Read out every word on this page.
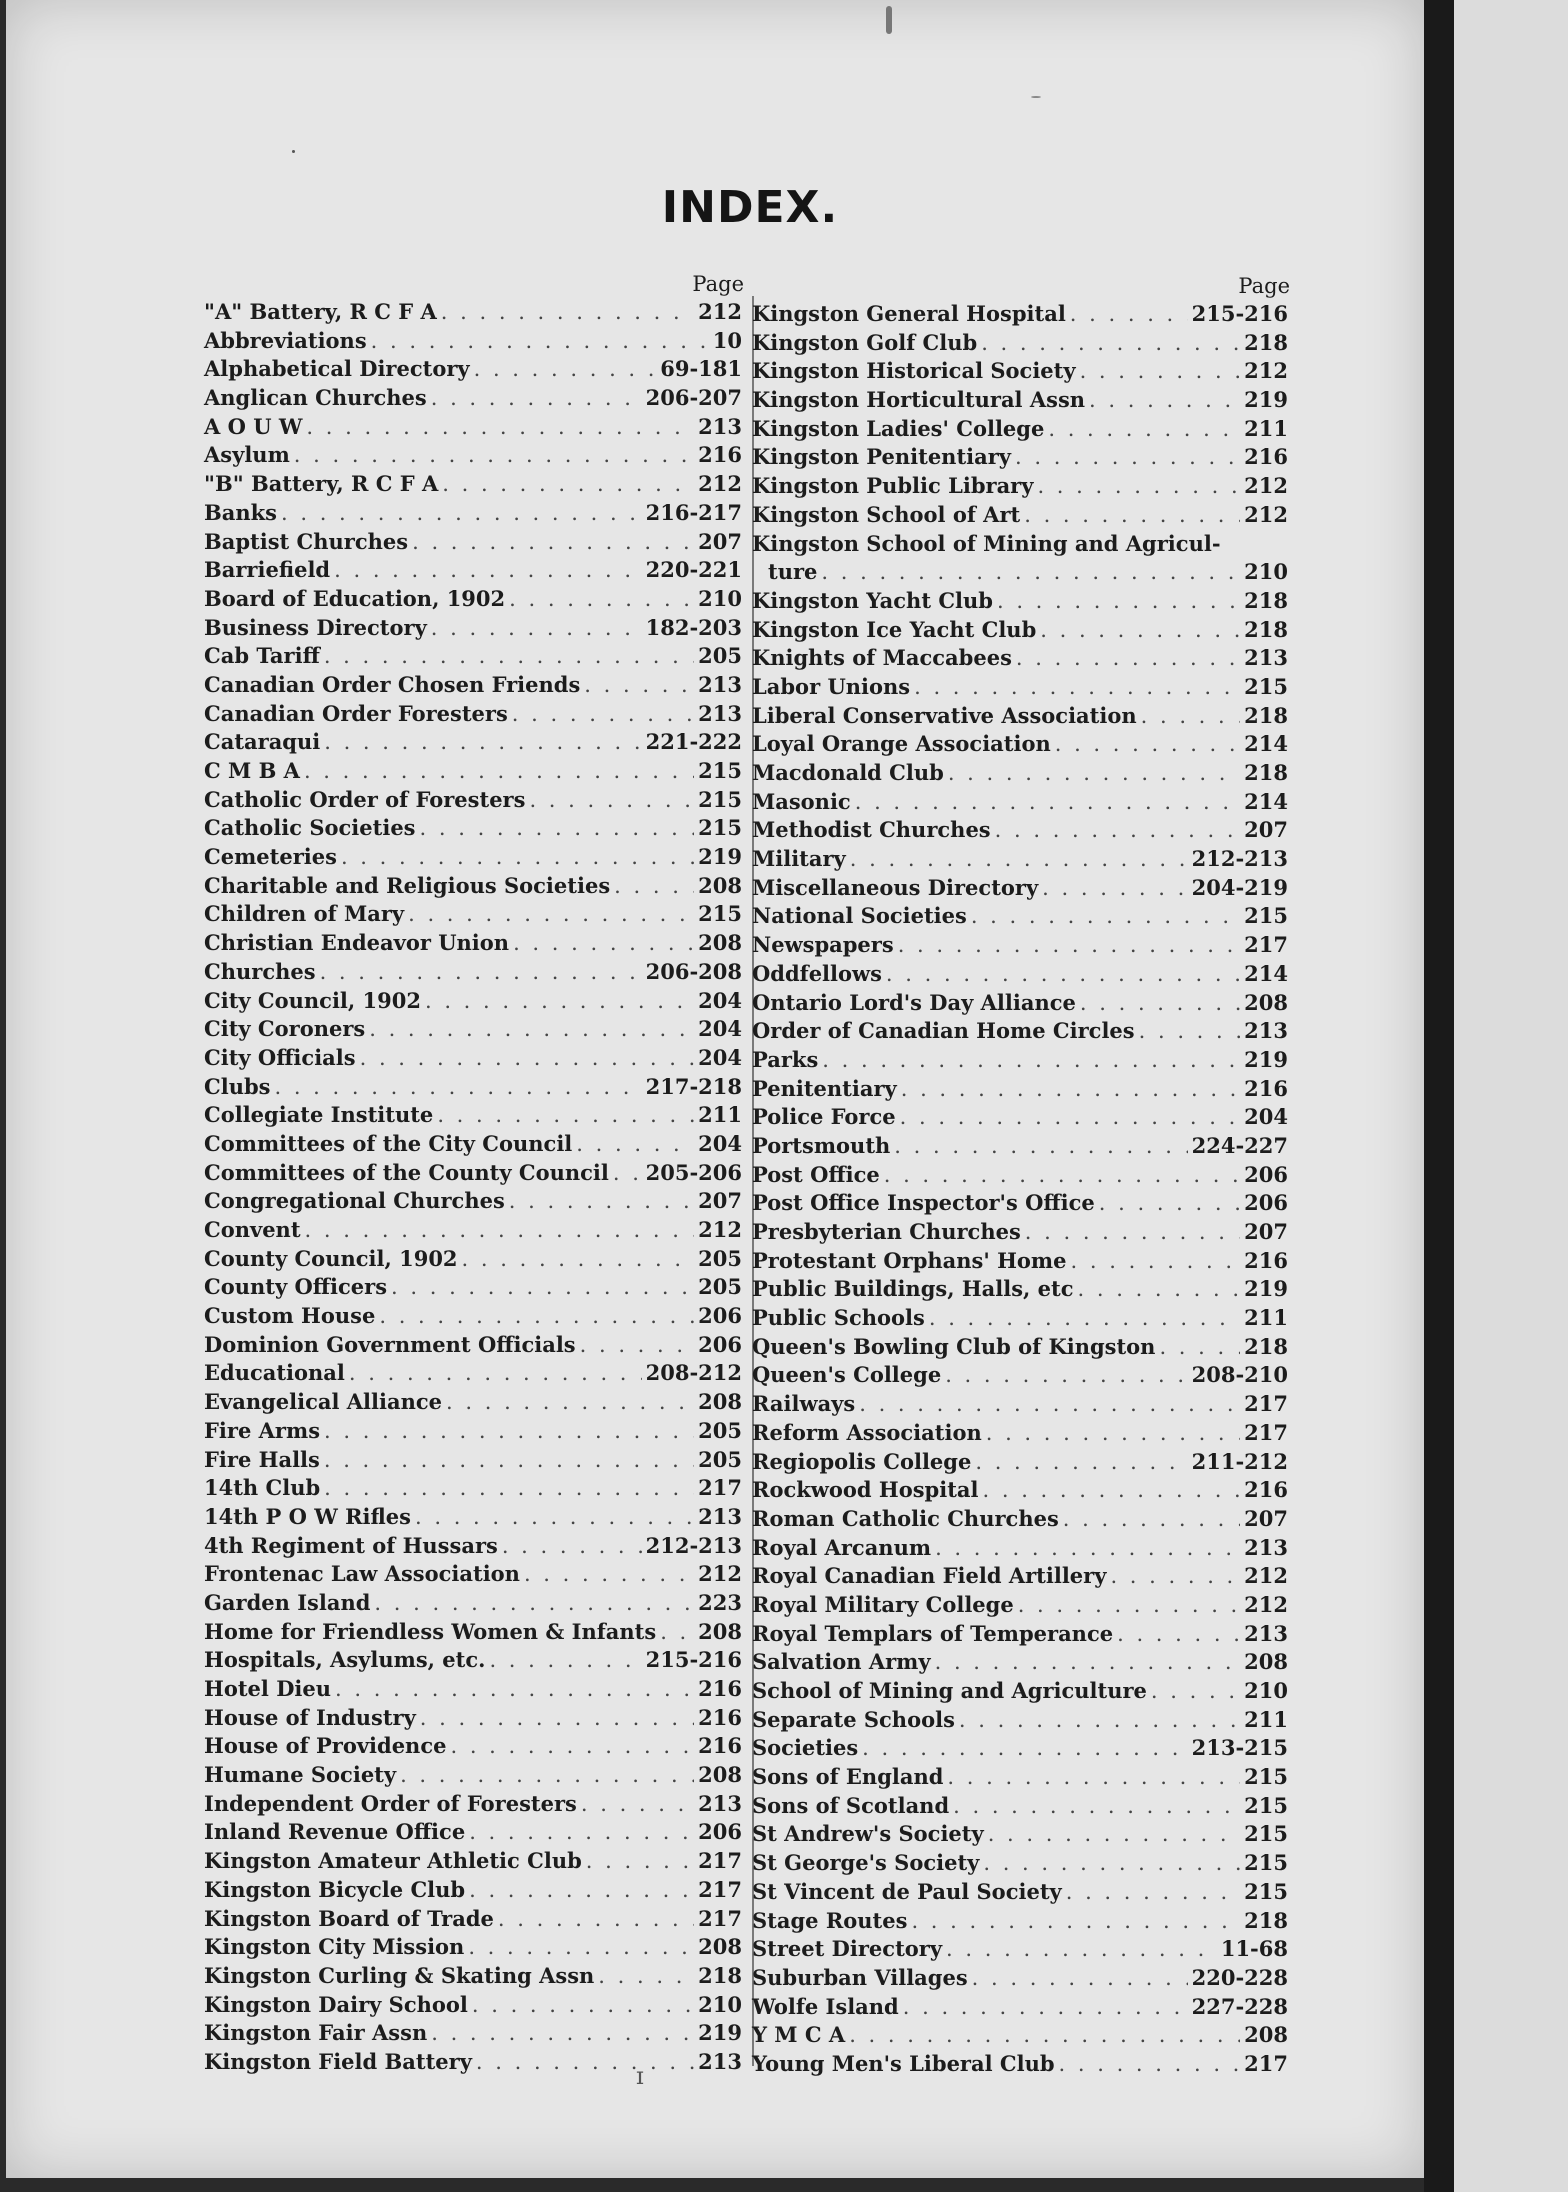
INDEX.
Page
"A" Battery, R C F A . . .	212
Abbreviations . . .	10
Alphabetical Directory . . .	69-181
Anglican Churches . . .	206-207
A O U W . . .	213
Asylum . . .	216
"B" Battery, R C F A . . .	212
Banks . . .	216-217
Baptist Churches . . .	207
Barriefield . . .	220-221
Board of Education, 1902 . . .	210
Business Directory . . .	182-203
Cab Tariff . . .	205
Canadian Order Chosen Friends . . .	213
Canadian Order Foresters . . .	213
Cataraqui . . .	221-222
C M B A . . .	215
Catholic Order of Foresters . . .	215
Catholic Societies . . .	215
Cemeteries . . .	219
Charitable and Religious Societies . . .	208
Children of Mary . . .	215
Christian Endeavor Union . . .	208
Churches . . .	206-208
City Council, 1902 . . .	204
City Coroners . . .	204
City Officials . . .	204
Clubs . . .	217-218
Collegiate Institute . . .	211
Committees of the City Council . . .	204
Committees of the County Council . . . 205-206
Congregational Churches . . .	207
Convent . . .	212
County Council, 1902 . . .	205
County Officers . . .	205
Custom House . . .	206
Dominion Government Officials . . .	206
Educational . . .	208-212
Evangelical Alliance . . .	208
Fire Arms . . .	205
Fire Halls . . .	205
14th Club . . .	217
14th P O W Rifles . . .	213
4th Regiment of Hussars . . .	212-213
Frontenac Law Association . . .	212
Garden Island . . .	223
Home for Friendless Women & Infants . . . 208
Hospitals, Asylums, etc. . . .	215-216
Hotel Dieu . . .	216
House of Industry . . .	216
House of Providence . . .	216
Humane Society . . .	208
Independent Order of Foresters . . .	213
Inland Revenue Office . . .	206
Kingston Amateur Athletic Club . . .	217
Kingston Bicycle Club . . .	217
Kingston Board of Trade . . .	217
Kingston City Mission . . .	208
Kingston Curling & Skating Assn . . .	218
Kingston Dairy School . . .	210
Kingston Fair Assn . . .	219
Kingston Field Battery . . .	213
Page
Kingston General Hospital . . .	215-216
Kingston Golf Club . . .	218
Kingston Historical Society . . .	212
Kingston Horticultural Assn . . .	219
Kingston Ladies' College . . .	211
Kingston Penitentiary . . .	216
Kingston Public Library . . .	212
Kingston School of Art . . .	212
Kingston School of Mining and Agricul-
ture . . .	210
Kingston Yacht Club . . .	218
Kingston Ice Yacht Club . . .	218
Knights of Maccabees . . .	213
Labor Unions . . .	215
Liberal Conservative Association . . .	218
Loyal Orange Association . . .	214
Macdonald Club . . .	218
Masonic . . .	214
Methodist Churches . . .	207
Military . . .	212-213
Miscellaneous Directory . . .	204-219
National Societies . . .	215
Newspapers . . .	217
Oddfellows . . .	214
Ontario Lord's Day Alliance . . .	208
Order of Canadian Home Circles . . .	213
Parks . . .	219
Penitentiary . . .	216
Police Force . . .	204
Portsmouth . . .	224-227
Post Office . . .	206
Post Office Inspector's Office . . .	206
Presbyterian Churches . . .	207
Protestant Orphans' Home . . .	216
Public Buildings, Halls, etc . . .	219
Public Schools . . .	211
Queen's Bowling Club of Kingston . . .	218
Queen's College . . .	208-210
Railways . . .	217
Reform Association . . .	217
Regiopolis College . . .	211-212
Rockwood Hospital . . .	216
Roman Catholic Churches . . .	207
Royal Arcanum . . .	213
Royal Canadian Field Artillery . . .	212
Royal Military College . . .	212
Royal Templars of Temperance . . .	213
Salvation Army . . .	208
School of Mining and Agriculture . . .	210
Separate Schools . . .	211
Societies . . .	213-215
Sons of England . . .	215
Sons of Scotland . . .	215
St Andrew's Society . . .	215
St George's Society . . .	215
St Vincent de Paul Society . . .	215
Stage Routes . . .	218
Street Directory . . .	11-68
Suburban Villages . . .	220-228
Wolfe Island . . .	227-228
Y M C A . . .	208
Young Men's Liberal Club . . .	217
ɪ
